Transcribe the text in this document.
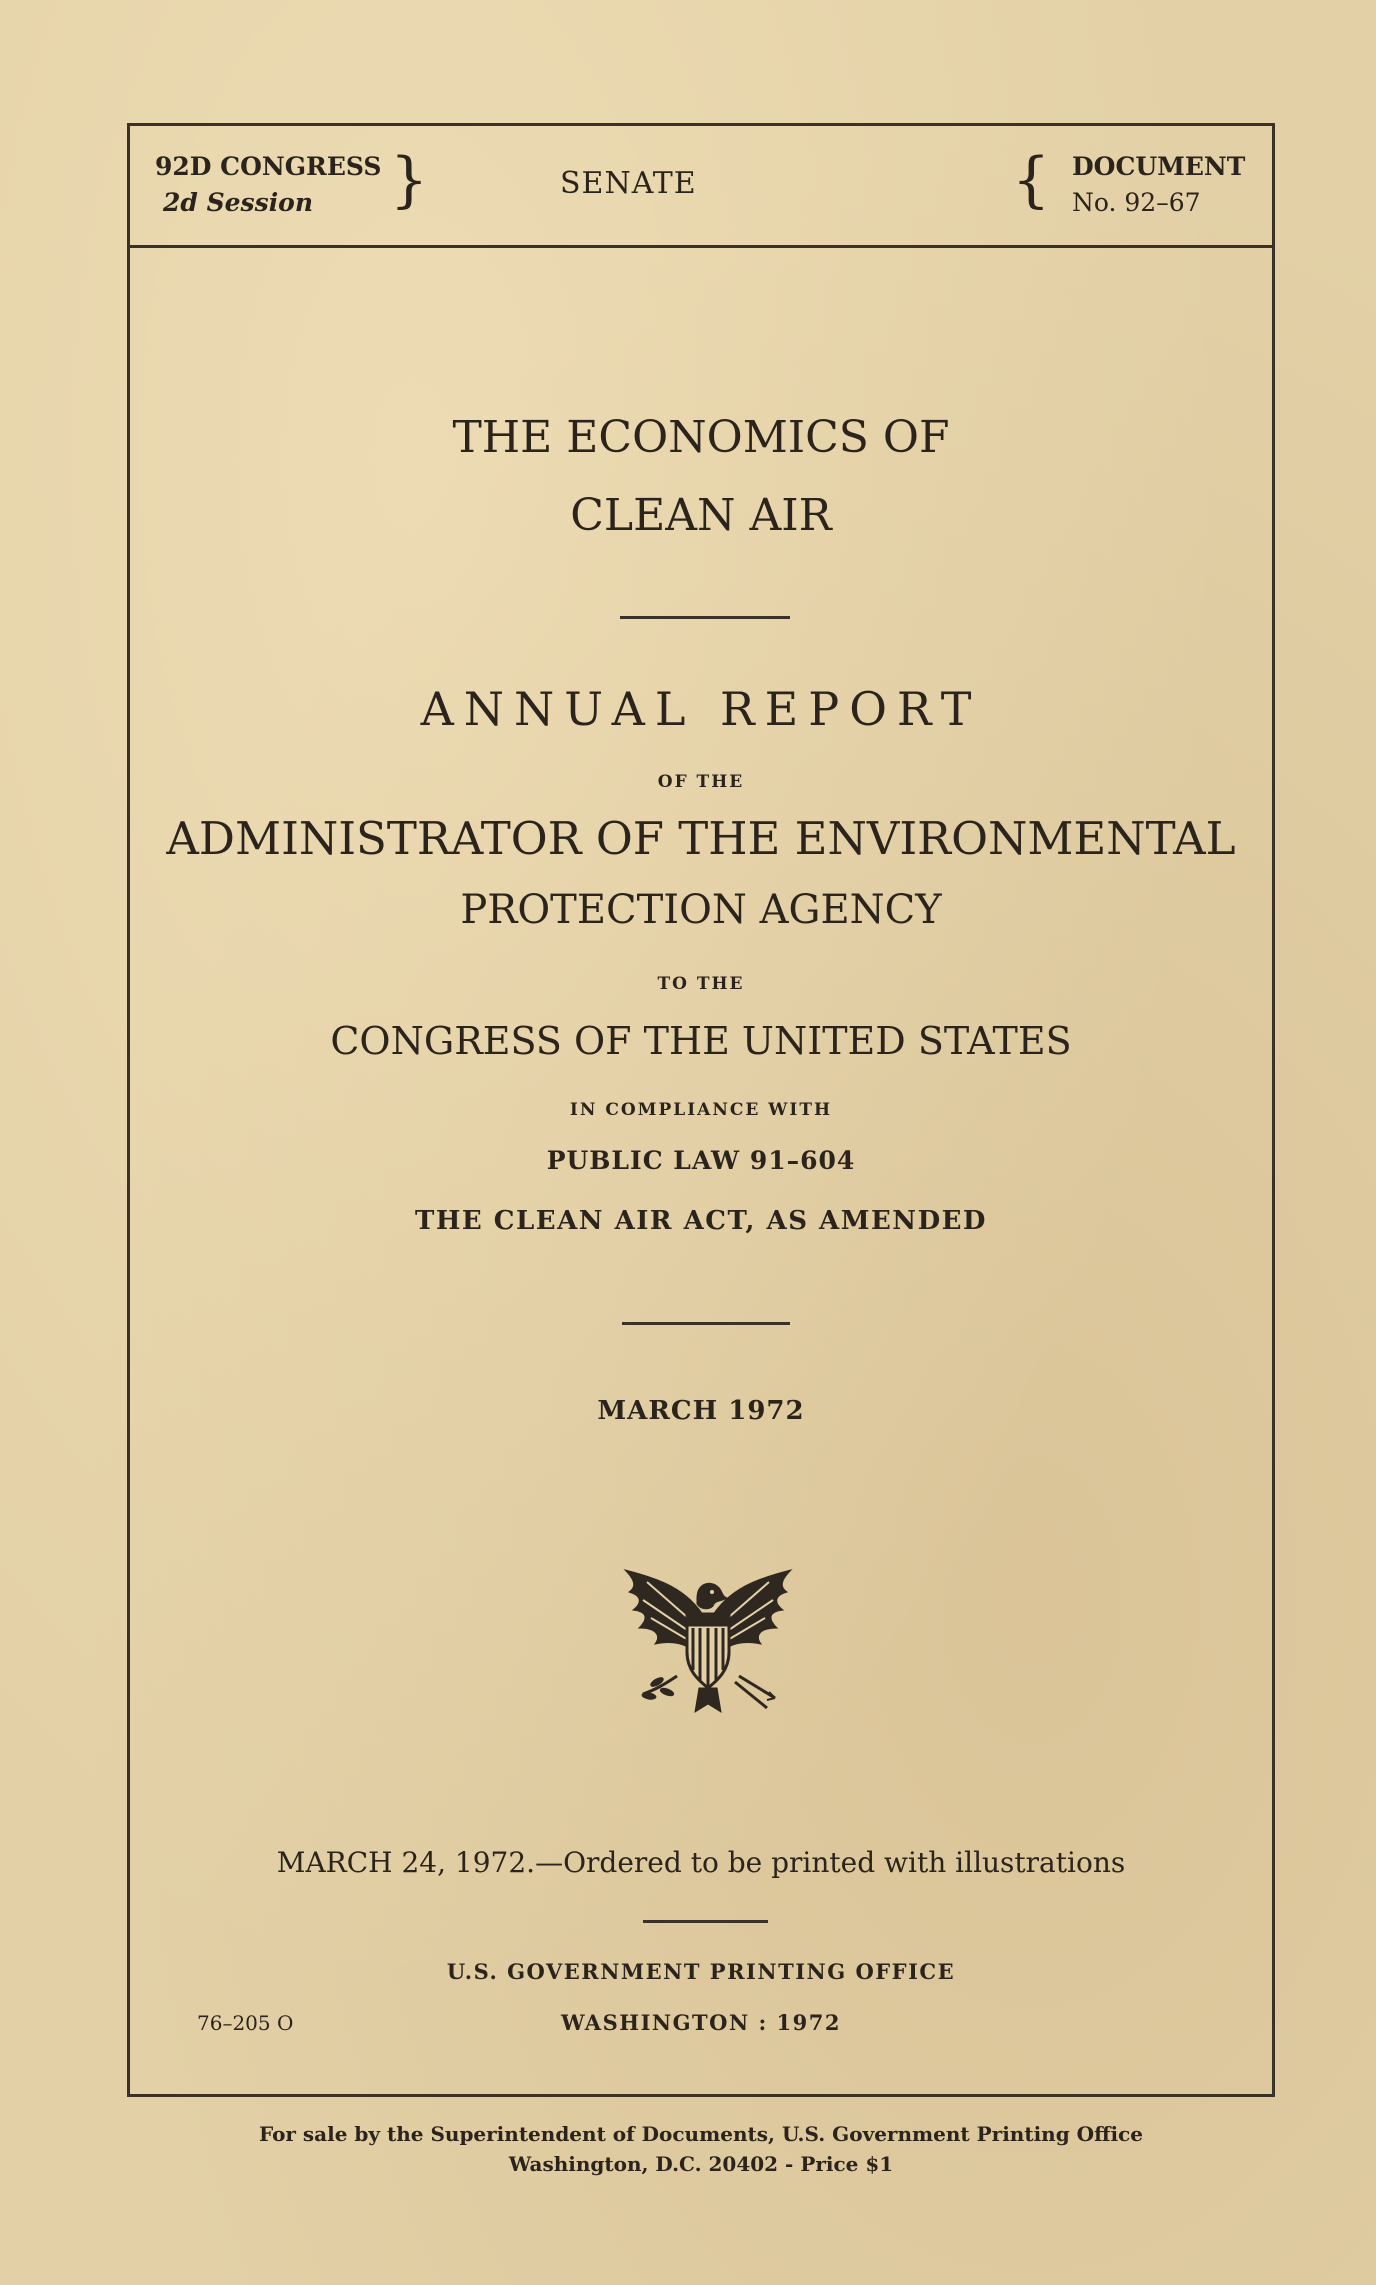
92D CONGRESS
2d Session }	SENATE	{ DOCUMENT
No. 92–67
THE ECONOMICS OF
CLEAN AIR
ANNUAL REPORT
OF THE
ADMINISTRATOR OF THE ENVIRONMENTAL
PROTECTION AGENCY
TO THE
CONGRESS OF THE UNITED STATES
IN COMPLIANCE WITH
PUBLIC LAW 91–604
THE CLEAN AIR ACT, AS AMENDED
MARCH 1972
MARCH 24, 1972.—Ordered to be printed with illustrations
U.S. GOVERNMENT PRINTING OFFICE
76–205 O	WASHINGTON : 1972
For sale by the Superintendent of Documents, U.S. Government Printing Office
Washington, D.C. 20402 - Price $1
